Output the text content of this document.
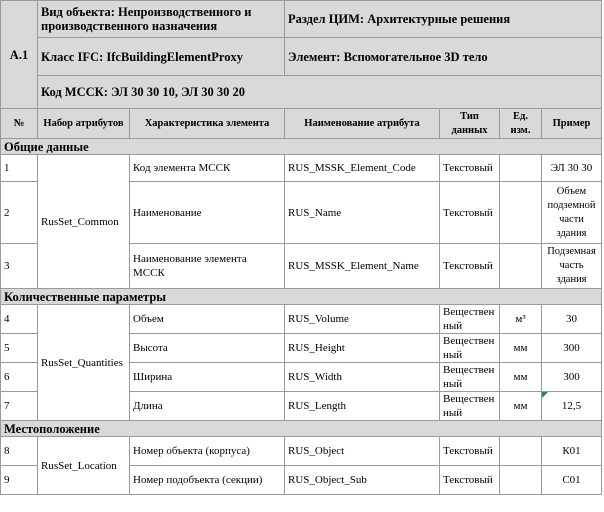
A.1	Вид объекта: Непроизводственного и производственного назначения		Раздел ЦИМ: Архитектурные решения			
	Класс IFC: IfcBuildingElementProxy		Элемент: Вспомогательное 3D тело			
	Код МССК: ЭЛ 30 30 10, ЭЛ 30 30 20					
№	Набор атрибутов	Характеристика элемента	Наименование атрибута	Тип данных	Ед. изм.	Пример
Общие данные						
1	RusSet_Common	Код элемента МССК	RUS_MSSK_Element_Code	Текстовый		ЭЛ 30 30
2		Наименование	RUS_Name	Текстовый		Объем подземной части здания
3		Наименование элемента МССК	RUS_MSSK_Element_Name	Текстовый		Подземная часть здания
Количественные параметры						
4	RusSet_Quantities	Объем	RUS_Volume	Вещественный	м³	30
5		Высота	RUS_Height	Вещественный	мм	300
6		Ширина	RUS_Width	Вещественный	мм	300
7		Длина	RUS_Length	Вещественный	мм	12,5
Местоположение						
8	RusSet_Location	Номер объекта (корпуса)	RUS_Object	Текстовый		К01
9		Номер подобъекта (секции)	RUS_Object_Sub	Текстовый		С01
